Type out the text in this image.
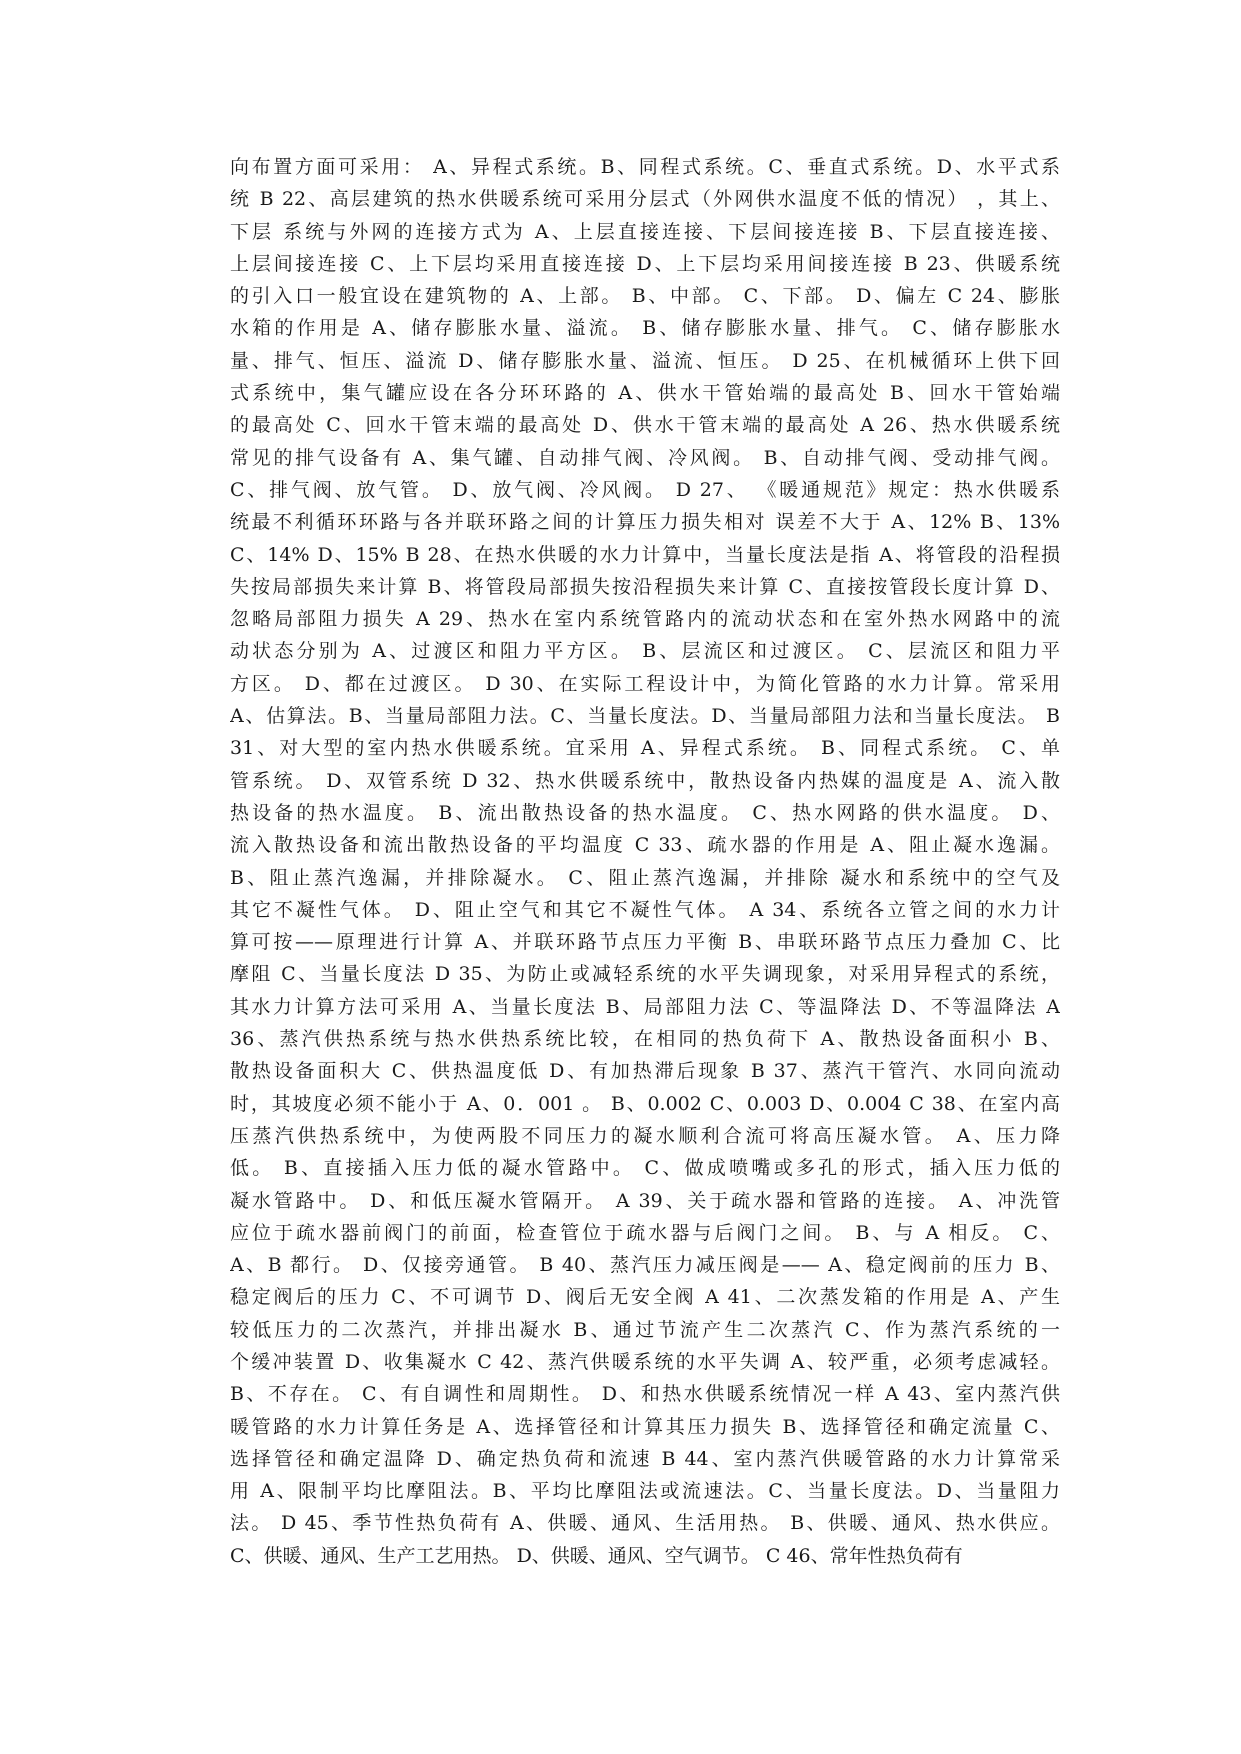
向布置方面可采用： A、异程式系统。B、同程式系统。C、垂直式系统。D、水平式系
统 B 22、高层建筑的热水供暖系统可采用分层式（外网供水温度不低的情况） ，其上、
下层 系统与外网的连接方式为 A、上层直接连接、下层间接连接 B、下层直接连接、
上层间接连接 C、上下层均采用直接连接 D、上下层均采用间接连接 B 23、供暖系统
的引入口一般宜设在建筑物的 A、上部。 B、中部。 C、下部。 D、偏左 C 24、膨胀
水箱的作用是 A、储存膨胀水量、溢流。 B、储存膨胀水量、排气。 C、储存膨胀水
量、排气、恒压、溢流 D、储存膨胀水量、溢流、恒压。 D 25、在机械循环上供下回
式系统中，集气罐应设在各分环环路的 A、供水干管始端的最高处 B、回水干管始端
的最高处 C、回水干管末端的最高处 D、供水干管末端的最高处 A 26、热水供暖系统
常见的排气设备有 A、集气罐、自动排气阀、冷风阀。 B、自动排气阀、受动排气阀。
C、排气阀、放气管。 D、放气阀、冷风阀。 D 27、 《暖通规范》规定：热水供暖系
统最不利循环环路与各并联环路之间的计算压力损失相对 误差不大于 A、12% B、13%
C、14% D、15% B 28、在热水供暖的水力计算中，当量长度法是指 A、将管段的沿程损
失按局部损失来计算 B、将管段局部损失按沿程损失来计算 C、直接按管段长度计算 D、
忽略局部阻力损失 A 29、热水在室内系统管路内的流动状态和在室外热水网路中的流
动状态分别为 A、过渡区和阻力平方区。 B、层流区和过渡区。 C、层流区和阻力平
方区。 D、都在过渡区。 D 30、在实际工程设计中，为简化管路的水力计算。常采用
A、估算法。B、当量局部阻力法。C、当量长度法。D、当量局部阻力法和当量长度法。 B
31、对大型的室内热水供暖系统。宜采用 A、异程式系统。 B、同程式系统。 C、单
管系统。 D、双管系统 D 32、热水供暖系统中，散热设备内热媒的温度是 A、流入散
热设备的热水温度。 B、流出散热设备的热水温度。 C、热水网路的供水温度。 D、
流入散热设备和流出散热设备的平均温度 C 33、疏水器的作用是 A、阻止凝水逸漏。
B、阻止蒸汽逸漏，并排除凝水。 C、阻止蒸汽逸漏，并排除 凝水和系统中的空气及
其它不凝性气体。 D、阻止空气和其它不凝性气体。 A 34、系统各立管之间的水力计
算可按——原理进行计算 A、并联环路节点压力平衡 B、串联环路节点压力叠加 C、比
摩阻 C、当量长度法 D 35、为防止或减轻系统的水平失调现象，对采用异程式的系统，
其水力计算方法可采用 A、当量长度法 B、局部阻力法 C、等温降法 D、不等温降法 A
36、蒸汽供热系统与热水供热系统比较，在相同的热负荷下 A、散热设备面积小 B、
散热设备面积大 C、供热温度低 D、有加热滞后现象 B 37、蒸汽干管汽、水同向流动
时，其坡度必须不能小于 A、0．001 。 B、0.002 C、0.003 D、0.004 C 38、在室内高
压蒸汽供热系统中，为使两股不同压力的凝水顺利合流可将高压凝水管。 A、压力降
低。 B、直接插入压力低的凝水管路中。 C、做成喷嘴或多孔的形式，插入压力低的
凝水管路中。 D、和低压凝水管隔开。 A 39、关于疏水器和管路的连接。 A、冲洗管
应位于疏水器前阀门的前面，检查管位于疏水器与后阀门之间。 B、与 A 相反。 C、
A、B 都行。 D、仅接旁通管。 B 40、蒸汽压力减压阀是—— A、稳定阀前的压力 B、
稳定阀后的压力 C、不可调节 D、阀后无安全阀 A 41、二次蒸发箱的作用是 A、产生
较低压力的二次蒸汽，并排出凝水 B、通过节流产生二次蒸汽 C、作为蒸汽系统的一
个缓冲装置 D、收集凝水 C 42、蒸汽供暖系统的水平失调 A、较严重，必须考虑减轻。
B、不存在。 C、有自调性和周期性。 D、和热水供暖系统情况一样 A 43、室内蒸汽供
暖管路的水力计算任务是 A、选择管径和计算其压力损失 B、选择管径和确定流量 C、
选择管径和确定温降 D、确定热负荷和流速 B 44、室内蒸汽供暖管路的水力计算常采
用 A、限制平均比摩阻法。B、平均比摩阻法或流速法。C、当量长度法。D、当量阻力
法。 D 45、季节性热负荷有 A、供暖、通风、生活用热。 B、供暖、通风、热水供应。
C、供暖、通风、生产工艺用热。 D、供暖、通风、空气调节。 C 46、常年性热负荷有
